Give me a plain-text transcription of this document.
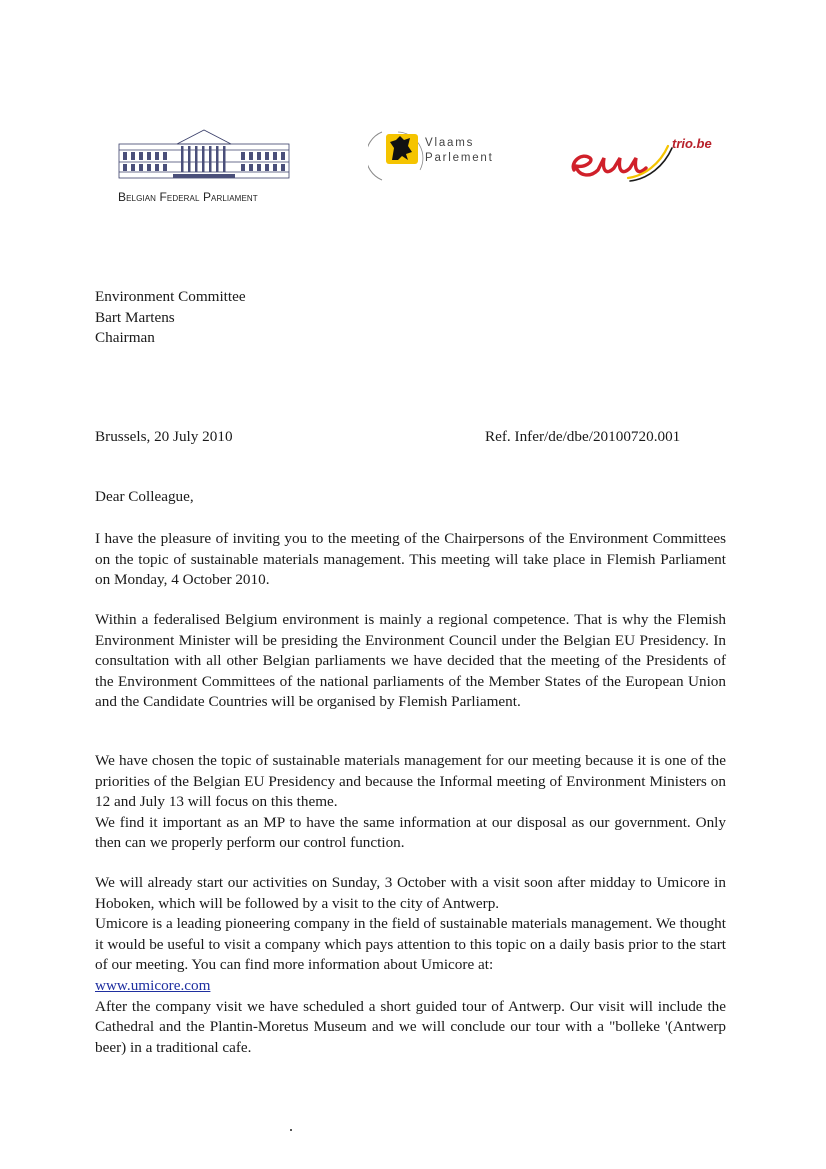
Belgian Federal Parliament
Vlaams
Parlement
trio.be
Environment Committee
Bart Martens
Chairman
Brussels, 20 July 2010	Ref. Infer/de/dbe/20100720.001
Dear Colleague,

I have the pleasure of inviting you to the meeting of the Chairpersons of the Environment Committees on the topic of sustainable materials management. This meeting will take place in Flemish Parliament on Monday, 4 October 2010.

Within a federalised Belgium environment is mainly a regional competence. That is why the Flemish Environment Minister will be presiding the Environment Council under the Belgian EU Presidency. In consultation with all other Belgian parliaments we have decided that the meeting of the Presidents of the Environment Committees of the national parliaments of the Member States of the European Union and the Candidate Countries will be organised by Flemish Parliament.

We have chosen the topic of sustainable materials management for our meeting because it is one of the priorities of the Belgian EU Presidency and because the Informal meeting of Environment Ministers on 12 and July 13 will focus on this theme.
We find it important as an MP to have the same information at our disposal as our government. Only then can we properly perform our control function.
We will already start our activities on Sunday, 3 October with a visit soon after midday to Umicore in Hoboken, which will be followed by a visit to the city of Antwerp.
Umicore is a leading pioneering company in the field of sustainable materials management. We thought it would be useful to visit a company which pays attention to this topic on a daily basis prior to the start of our meeting. You can find more information about Umicore at:
www.umicore.com
After the company visit we have scheduled a short guided tour of Antwerp. Our visit will include the Cathedral and the Plantin-Moretus Museum and we will conclude our tour with a "bolleke '(Antwerp beer) in a traditional cafe.
